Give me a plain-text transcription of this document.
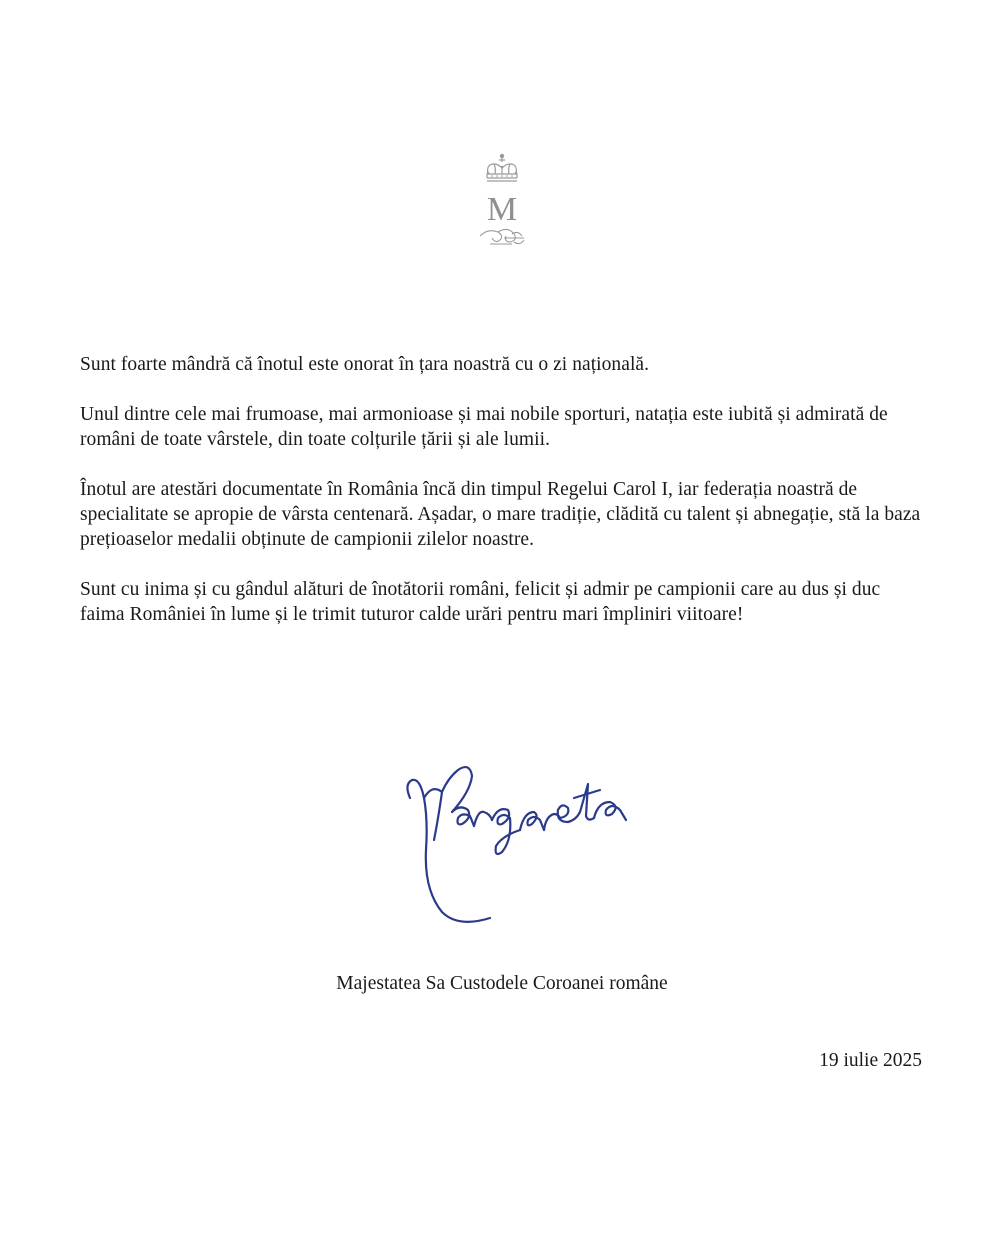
M

Sunt foarte mândră că înotul este onorat în țara noastră cu o zi națională.

Unul dintre cele mai frumoase, mai armonioase și mai nobile sporturi, natația este iubită și admirată de români de toate vârstele, din toate colțurile țării și ale lumii.

Înotul are atestări documentate în România încă din timpul Regelui Carol I, iar federația noastră de specialitate se apropie de vârsta centenară. Așadar, o mare tradiție, clădită cu talent și abnegație, stă la baza prețioaselor medalii obținute de campionii zilelor noastre.

Sunt cu inima și cu gândul alături de înotătorii români, felicit și admir pe campionii care au dus și duc faima României în lume și le trimit tuturor calde urări pentru mari împliniri viitoare!

Majestatea Sa Custodele Coroanei române
19 iulie 2025
